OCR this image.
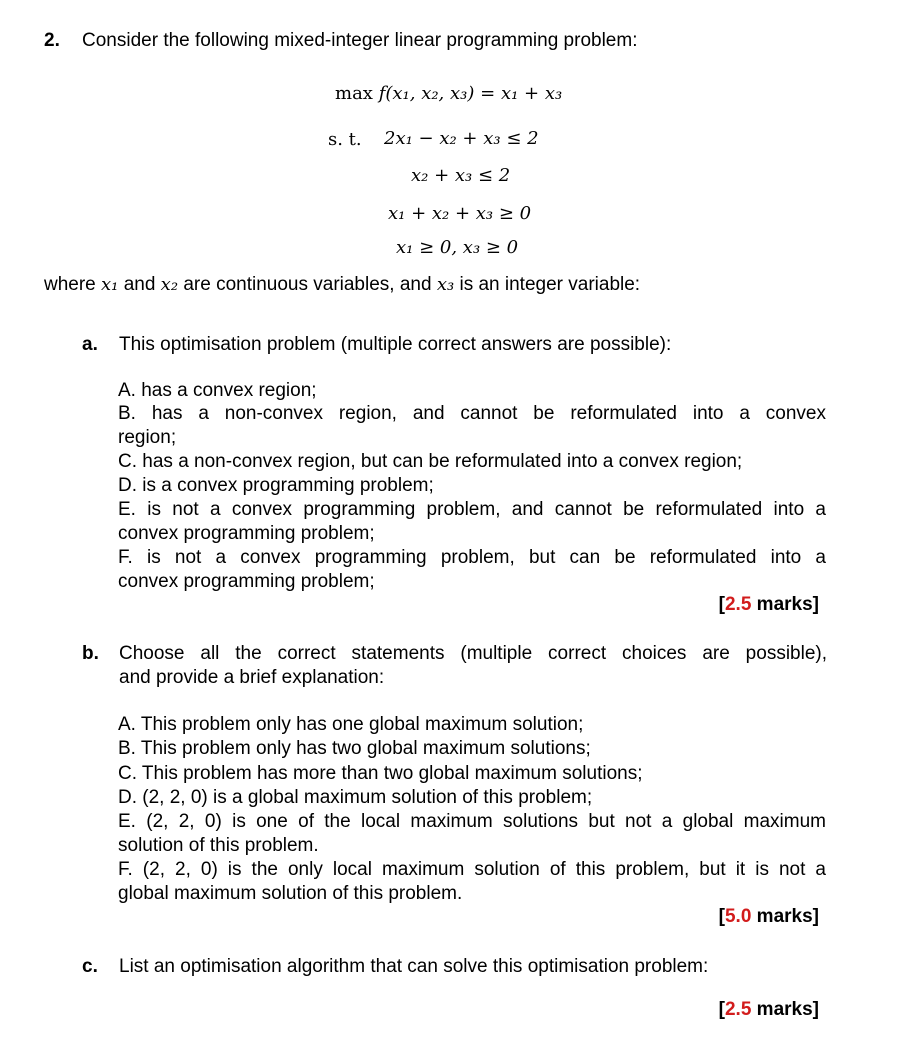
2. Consider the following mixed-integer linear programming problem:
max f(x₁, x₂, x₃) = x₁ + x₃
s. t. 2x₁ − x₂ + x₃ ≤ 2
x₂ + x₃ ≤ 2
x₁ + x₂ + x₃ ≥ 0
x₁ ≥ 0, x₃ ≥ 0
where x₁ and x₂ are continuous variables, and x₃ is an integer variable:
a. This optimisation problem (multiple correct answers are possible):
A. has a convex region;
B. has a non-convex region, and cannot be reformulated into a convex
region;
C. has a non-convex region, but can be reformulated into a convex region;
D. is a convex programming problem;
E. is not a convex programming problem, and cannot be reformulated into a
convex programming problem;
F. is not a convex programming problem, but can be reformulated into a
convex programming problem;
[2.5 marks]
b. Choose all the correct statements (multiple correct choices are possible),
and provide a brief explanation:
A. This problem only has one global maximum solution;
B. This problem only has two global maximum solutions;
C. This problem has more than two global maximum solutions;
D. (2, 2, 0) is a global maximum solution of this problem;
E. (2, 2, 0) is one of the local maximum solutions but not a global maximum
solution of this problem.
F. (2, 2, 0) is the only local maximum solution of this problem, but it is not a
global maximum solution of this problem.
[5.0 marks]
c. List an optimisation algorithm that can solve this optimisation problem:
[2.5 marks]
